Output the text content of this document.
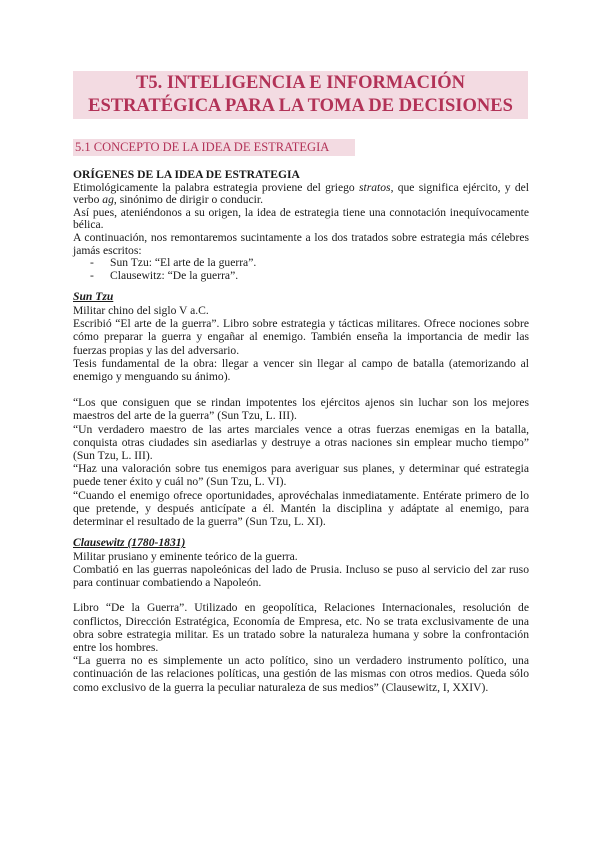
T5. INTELIGENCIA E INFORMACIÓN
ESTRATÉGICA PARA LA TOMA DE DECISIONES
5.1 CONCEPTO DE LA IDEA DE ESTRATEGIA

ORÍGENES DE LA IDEA DE ESTRATEGIA

Etimológicamente la palabra estrategia proviene del griego stratos, que significa ejército, y del verbo ag, sinónimo de dirigir o conducir.

Así pues, ateniéndonos a su origen, la idea de estrategia tiene una connotación inequívocamente bélica.

A continuación, nos remontaremos sucintamente a los dos tratados sobre estrategia más célebres jamás escritos:

- Sun Tzu: “El arte de la guerra”.
- Clausewitz: “De la guerra”.

Sun Tzu

Militar chino del siglo V a.C.

Escribió “El arte de la guerra”. Libro sobre estrategia y tácticas militares. Ofrece nociones sobre cómo preparar la guerra y engañar al enemigo. También enseña la importancia de medir las fuerzas propias y las del adversario.

Tesis fundamental de la obra: llegar a vencer sin llegar al campo de batalla (atemorizando al enemigo y menguando su ánimo).

“Los que consiguen que se rindan impotentes los ejércitos ajenos sin luchar son los mejores maestros del arte de la guerra” (Sun Tzu, L. III).

“Un verdadero maestro de las artes marciales vence a otras fuerzas enemigas en la batalla, conquista otras ciudades sin asediarlas y destruye a otras naciones sin emplear mucho tiempo” (Sun Tzu, L. III).

“Haz una valoración sobre tus enemigos para averiguar sus planes, y determinar qué estrategia puede tener éxito y cuál no” (Sun Tzu, L. VI).

“Cuando el enemigo ofrece oportunidades, aprovéchalas inmediatamente. Entérate primero de lo que pretende, y después anticípate a él. Mantén la disciplina y adáptate al enemigo, para determinar el resultado de la guerra” (Sun Tzu, L. XI).

Clausewitz (1780-1831)

Militar prusiano y eminente teórico de la guerra.

Combatió en las guerras napoleónicas del lado de Prusia. Incluso se puso al servicio del zar ruso para continuar combatiendo a Napoleón.

Libro “De la Guerra”. Utilizado en geopolítica, Relaciones Internacionales, resolución de conflictos, Dirección Estratégica, Economía de Empresa, etc. No se trata exclusivamente de una obra sobre estrategia militar. Es un tratado sobre la naturaleza humana y sobre la confrontación entre los hombres.

“La guerra no es simplemente un acto político, sino un verdadero instrumento político, una continuación de las relaciones políticas, una gestión de las mismas con otros medios. Queda sólo como exclusivo de la guerra la peculiar naturaleza de sus medios” (Clausewitz, I, XXIV).
